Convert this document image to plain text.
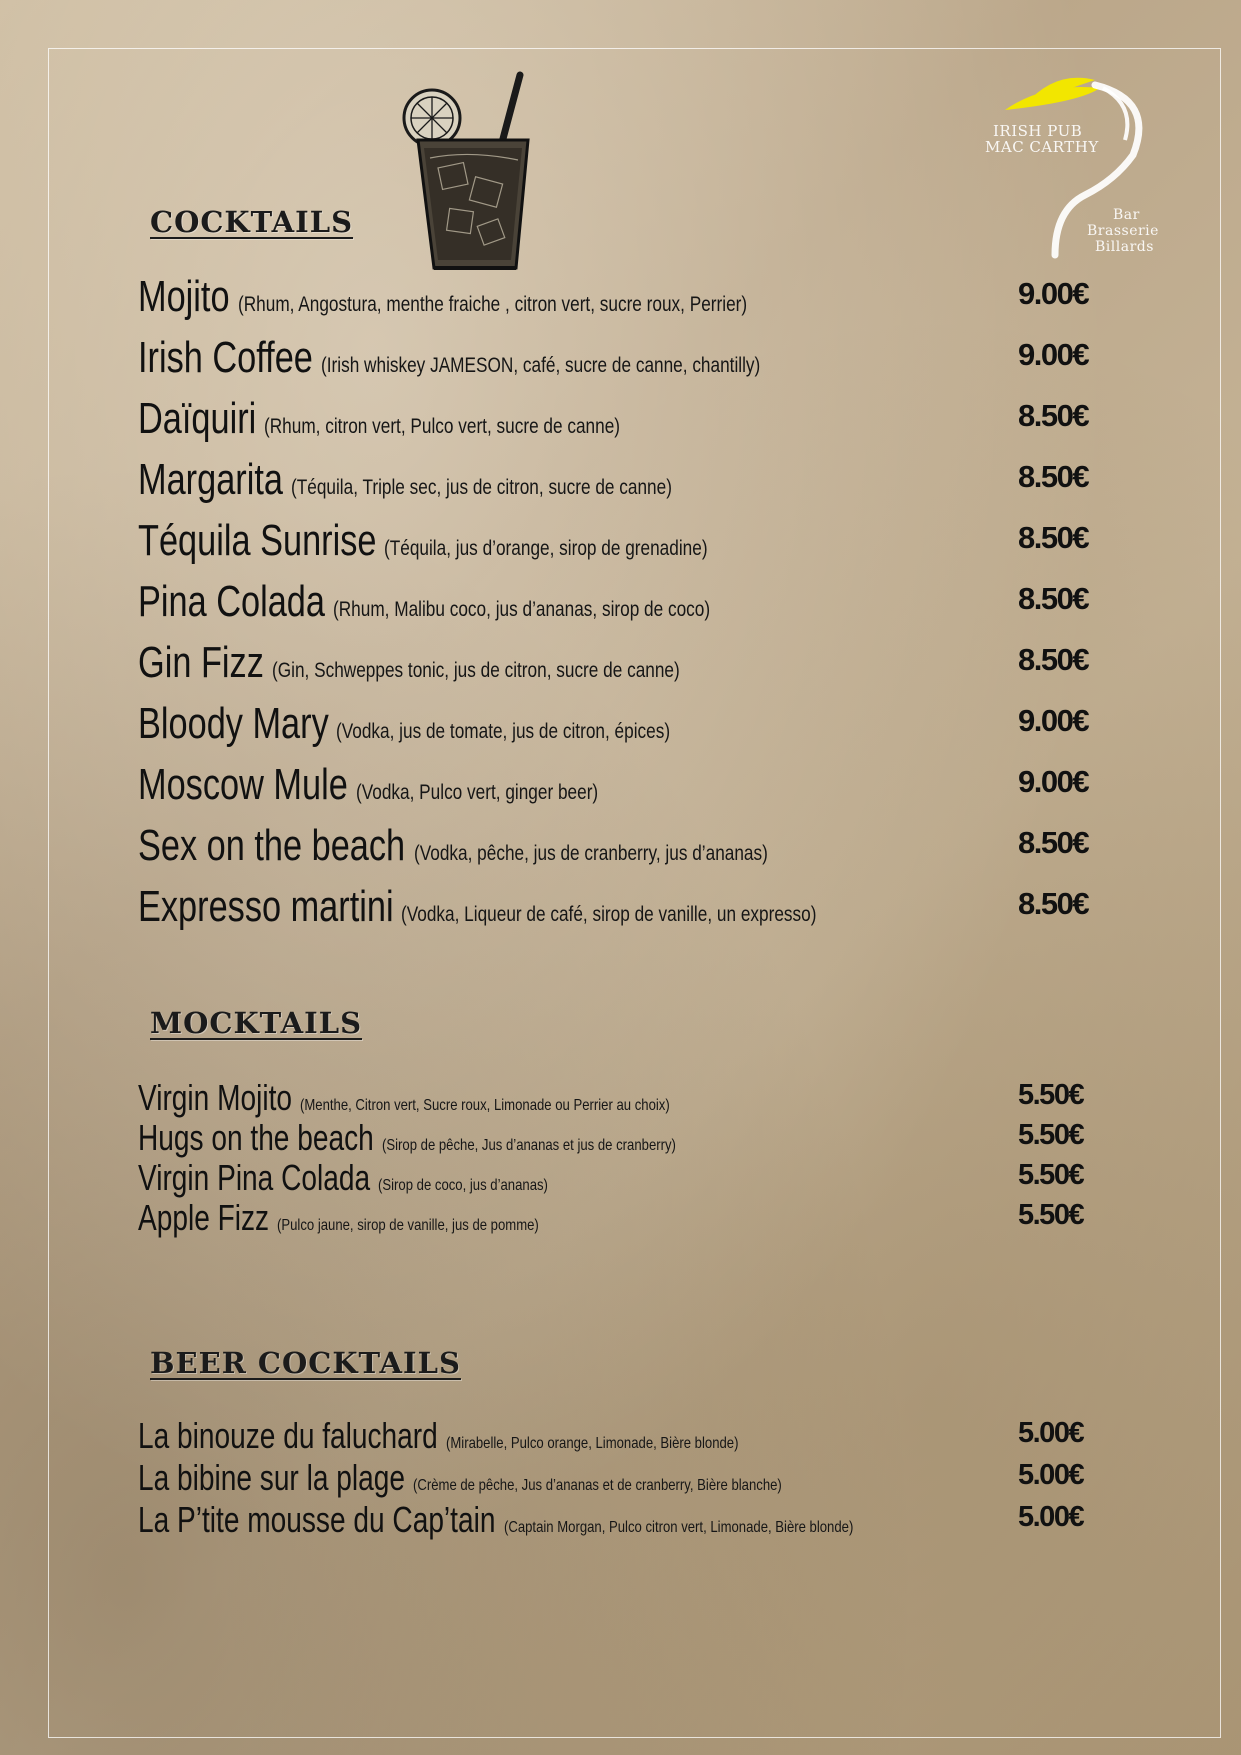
IRISH PUB
MAC CARTHY
Bar
Brasserie
Billards
COCKTAILS
Mojito (Rhum, Angostura, menthe fraiche , citron vert, sucre roux, Perrier)	9.00€
Irish Coffee (Irish whiskey JAMESON, café, sucre de canne, chantilly)	9.00€
Daïquiri (Rhum, citron vert, Pulco vert, sucre de canne)	8.50€
Margarita (Téquila, Triple sec, jus de citron, sucre de canne)	8.50€
Téquila Sunrise (Téquila, jus d’orange, sirop de grenadine)	8.50€
Pina Colada (Rhum, Malibu coco, jus d’ananas, sirop de coco)	8.50€
Gin Fizz (Gin, Schweppes tonic, jus de citron, sucre de canne)	8.50€
Bloody Mary (Vodka, jus de tomate, jus de citron, épices)	9.00€
Moscow Mule (Vodka, Pulco vert, ginger beer)	9.00€
Sex on the beach (Vodka, pêche, jus de cranberry, jus d’ananas)	8.50€
Expresso martini (Vodka, Liqueur de café, sirop de vanille, un expresso)	8.50€
MOCKTAILS
Virgin Mojito (Menthe, Citron vert, Sucre roux, Limonade ou Perrier au choix)	5.50€
Hugs on the beach (Sirop de pêche, Jus d’ananas et jus de cranberry)	5.50€
Virgin Pina Colada (Sirop de coco, jus d’ananas)	5.50€
Apple Fizz (Pulco jaune, sirop de vanille, jus de pomme)	5.50€
BEER COCKTAILS
La binouze du faluchard (Mirabelle, Pulco orange, Limonade, Bière blonde)	5.00€
La bibine sur la plage (Crème de pêche, Jus d’ananas et de cranberry, Bière blanche)	5.00€
La P’tite mousse du Cap’tain (Captain Morgan, Pulco citron vert, Limonade, Bière blonde)	5.00€
